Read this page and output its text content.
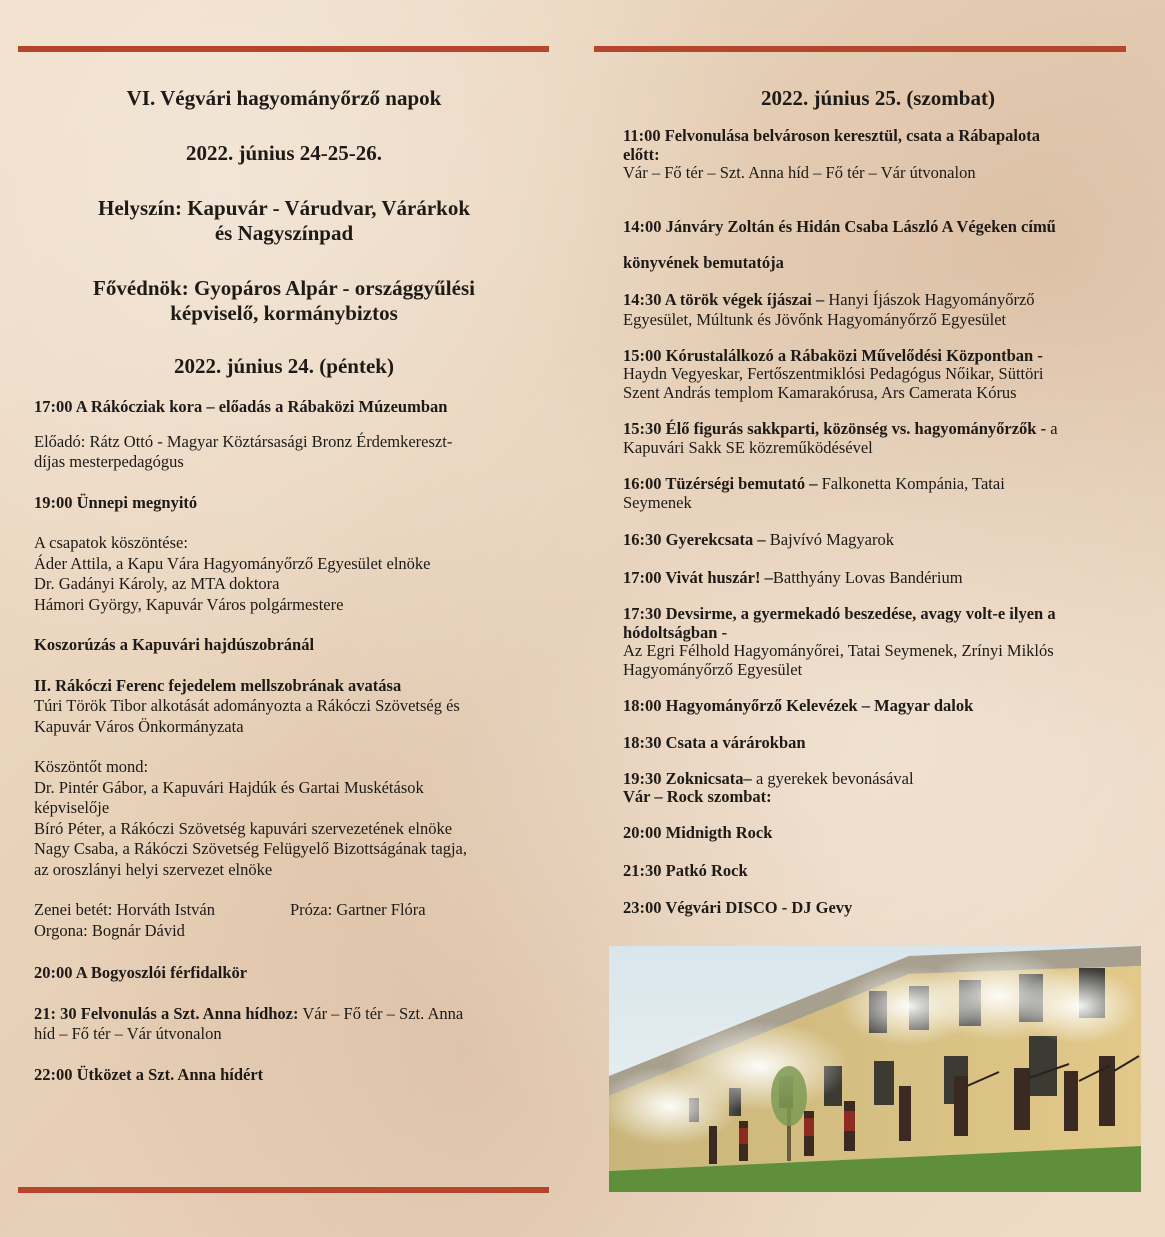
VI. Végvári hagyományőrző napok
2022. június 24-25-26.
Helyszín: Kapuvár - Várudvar, Várárkok
és Nagyszínpad
Fővédnök: Gyopáros Alpár - országgyűlési
képviselő, kormánybiztos
2022. június 24. (péntek)

17:00 A Rákócziak kora – előadás a Rábaközi Múzeumban

Előadó: Rátz Ottó - Magyar Köztársasági Bronz Érdemkereszt-

díjas mesterpedagógus

19:00 Ünnepi megnyitó

A csapatok köszöntése:

Áder Attila, a Kapu Vára Hagyományőrző Egyesület elnöke

Dr. Gadányi Károly, az MTA doktora

Hámori György, Kapuvár Város polgármestere

Koszorúzás a Kapuvári hajdúszobránál

II. Rákóczi Ferenc fejedelem mellszobrának avatása

Túri Török Tibor alkotását adományozta a Rákóczi Szövetség és

Kapuvár Város Önkormányzata

Köszöntőt mond:

Dr. Pintér Gábor, a Kapuvári Hajdúk és Gartai Muskétások

képviselője

Bíró Péter, a Rákóczi Szövetség kapuvári szervezetének elnöke

Nagy Csaba, a Rákóczi Szövetség Felügyelő Bizottságának tagja,

az oroszlányi helyi szervezet elnöke

Zenei betét: Horváth István	Próza: Gartner Flóra

Orgona: Bognár Dávid

20:00 A Bogyoszlói férfidalkör

21: 30 Felvonulás a Szt. Anna hídhoz: Vár – Fő tér – Szt. Anna

híd – Fő tér – Vár útvonalon

22:00 Ütközet a Szt. Anna hídért

2022. június 25. (szombat)

11:00 Felvonulása belvároson keresztül, csata a Rábapalota

előtt:

Vár – Fő tér – Szt. Anna híd – Fő tér – Vár útvonalon

14:00 Jánváry Zoltán és Hidán Csaba László A Végeken című

könyvének bemutatója

14:30 A török végek íjászai – Hanyi Íjászok Hagyományőrző

Egyesület, Múltunk és Jövőnk Hagyományőrző Egyesület

15:00 Kórustalálkozó a Rábaközi Művelődési Központban -

Haydn Vegyeskar, Fertőszentmiklósi Pedagógus Nőikar, Süttöri

Szent András templom Kamarakórusa, Ars Camerata Kórus

15:30 Élő figurás sakkparti, közönség vs. hagyományőrzők - a

Kapuvári Sakk SE közreműködésével

16:00 Tüzérségi bemutató – Falkonetta Kompánia, Tatai

Seymenek

16:30 Gyerekcsata – Bajvívó Magyarok

17:00 Vivát huszár! –Batthyány Lovas Bandérium

17:30 Devsirme, a gyermekadó beszedése, avagy volt-e ilyen a

hódoltságban -

Az Egri Félhold Hagyományőrei, Tatai Seymenek, Zrínyi Miklós

Hagyományőrző Egyesület

18:00 Hagyományőrző Kelevézek – Magyar dalok

18:30 Csata a várárokban

19:30 Zoknicsata– a gyerekek bevonásával

Vár – Rock szombat:

20:00 Midnigth Rock

21:30 Patkó Rock

23:00 Végvári DISCO - DJ Gevy
